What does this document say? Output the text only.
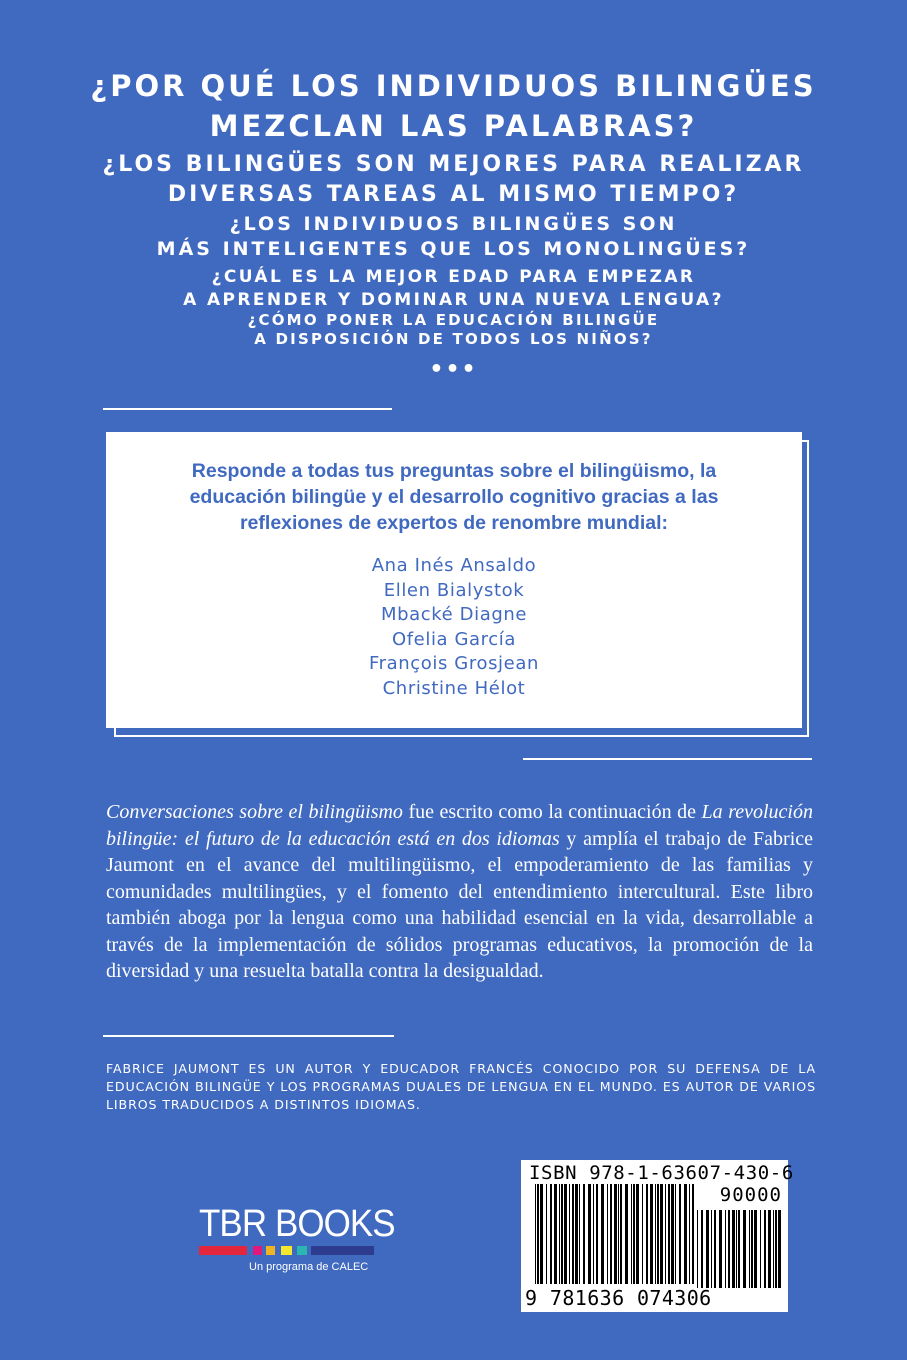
¿POR QUÉ LOS INDIVIDUOS BILINGÜES
MEZCLAN LAS PALABRAS?

¿LOS BILINGÜES SON MEJORES PARA REALIZAR
DIVERSAS TAREAS AL MISMO TIEMPO?

¿LOS INDIVIDUOS BILINGÜES SON
MÁS INTELIGENTES QUE LOS MONOLINGÜES?

¿CUÁL ES LA MEJOR EDAD PARA EMPEZAR
A APRENDER Y DOMINAR UNA NUEVA LENGUA?

¿CÓMO PONER LA EDUCACIÓN BILINGÜE
A DISPOSICIÓN DE TODOS LOS NIÑOS?

•••

Responde a todas tus preguntas sobre el bilingüismo, la educación bilingüe y el desarrollo cognitivo gracias a las reflexiones de expertos de renombre mundial:

Ana Inés Ansaldo
Ellen Bialystok
Mbacké Diagne
Ofelia García
François Grosjean
Christine Hélot

Conversaciones sobre el bilingüismo fue escrito como la continuación de La revolución bilingüe: el futuro de la educación está en dos idiomas y amplía el trabajo de Fabrice Jaumont en el avance del multilingüismo, el empoderamiento de las familias y comunidades multilingües, y el fomento del entendimiento intercultural. Este libro también aboga por la lengua como una habilidad esencial en la vida, desarrollable a través de la implementación de sólidos programas educativos, la promoción de la diversidad y una resuelta batalla contra la desigualdad.

FABRICE JAUMONT ES UN AUTOR Y EDUCADOR FRANCÉS CONOCIDO POR SU DEFENSA DE LA EDUCACIÓN BILINGÜE Y LOS PROGRAMAS DUALES DE LENGUA EN EL MUNDO. ES AUTOR DE VARIOS LIBROS TRADUCIDOS A DISTINTOS IDIOMAS.

TBR BOOKS
Un programa de CALEC
ISBN 978-1-63607-430-6
90000
9 781636 074306
